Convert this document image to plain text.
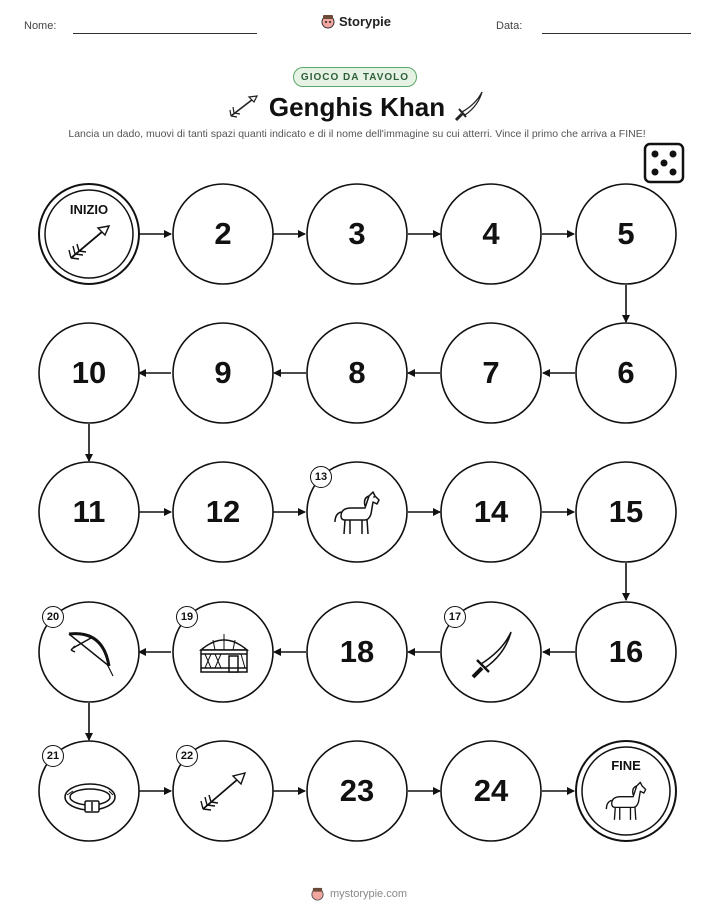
Nome:	Storypie	Data:
GIOCO DA TAVOLO
Genghis Khan
Lancia un dado, muovi di tanti spazi quanti indicato e di il nome dell'immagine su cui atterri. Vince il primo che arriva a FINE!
INIZIO
2	3	4	5
6
7
8
9
10
11	12
13
14	15
16
17
18
19
20
21	22
23	24
FINE
mystorypie.com
